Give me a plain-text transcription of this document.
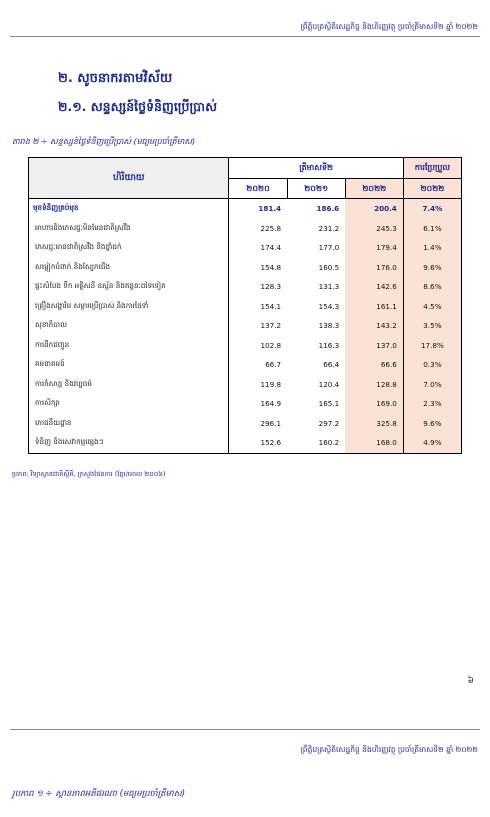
ព្រឹត្តិបត្រស្ថិតិសេដ្ឋកិច្ច និងហិរញ្ញវត្ថុ ប្រចាំត្រីមាសទី២ ឆ្នាំ ២០២២
២. សូចនាករតាមវិស័យ
២.១. សន្ទស្សន៍ថ្លៃទំនិញប្រើប្រាស់
តារាង ២ ÷ សន្ទស្សន៍ថ្លៃទំនិញប្រើប្រាស់ (មធ្យមប្រចាំត្រីមាស)
ហិរិយាយ	ត្រីមាសទី២			ការប្រែប្រួល
	២០២០	២០២១	២០២២	២០២២
មុខទំនិញគ្រប់មុខ	181.4	186.6	200.4	7.4%
អាហារនិងភេសជ្ជៈមិនមែនជាតិស្រវឹង	225.8	231.2	245.3	6.1%
ភេសជ្ជៈមានជាតិស្រវឹង និងថ្នាំជក់	174.4	177.0	179.4	1.4%
សម្លៀកបំពាក់ និងស្បែកជើង	154.8	160.5	176.0	9.6%
ផ្ទះសំបែង ទឹក អគ្គិសនី ឧស្ម័ន និងឥន្ធនៈដទៃទៀត	128.3	131.3	142.6	8.6%
គ្រឿងសង្ហារិម សម្ភារប្រើប្រាស់ និងការថែទាំ	154.1	154.3	161.1	4.5%
សុខាភិបាល	137.2	138.3	143.2	3.5%
ការដឹកជញ្ជូន	102.8	116.3	137.0	17.8%
គមនាគមន៍	66.7	66.4	66.6	0.3%
ការកំសាន្ត និងវប្បធម៌	119.8	120.4	128.8	7.0%
ការសិក្សា	164.9	165.1	169.0	2.3%
ភោជនីយដ្ឋាន	296.1	297.2	325.8	9.6%
ទំនិញ និងសេវាកម្មផ្សេងៗ	152.6	160.2	168.0	4.9%
ប្រភព: វិទ្យាស្ថានជាតិស្ថិតិ, ក្រសួងផែនការ (ខ្មែរ/គោល ២០០៦)
៦
ព្រឹត្តិបត្រស្ថិតិសេដ្ឋកិច្ច និងហិរញ្ញវត្ថុ ប្រចាំត្រីមាសទី២ ឆ្នាំ ២០២២
រូបភាព ១ ÷ ស្ថានភាពអតិផរណា (មធ្យមប្រចាំត្រីមាស)
